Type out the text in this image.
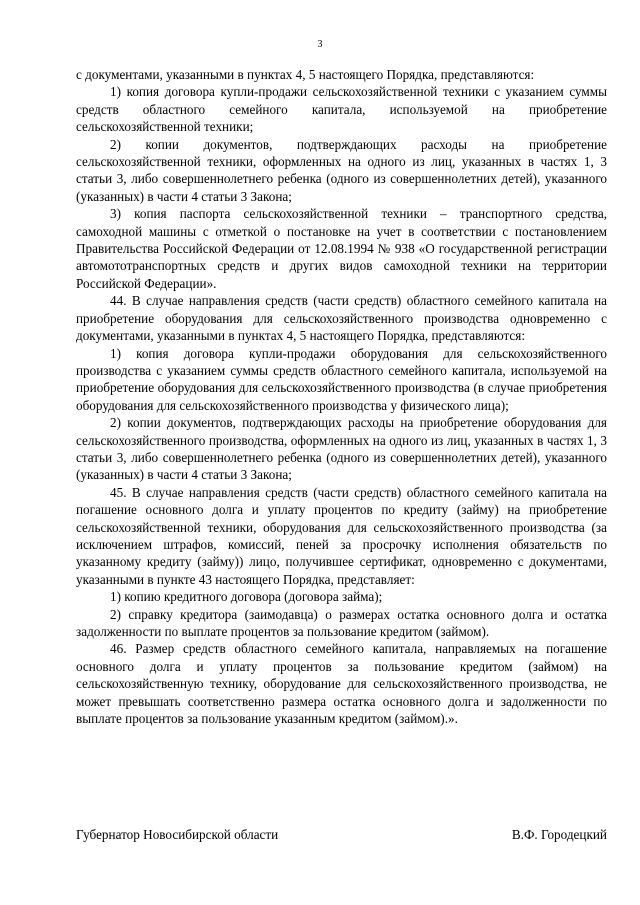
3

с документами, указанными в пунктах 4, 5 настоящего Порядка, представляются:

1) копия договора купли-продажи сельскохозяйственной техники с указанием суммы средств областного семейного капитала, используемой на приобретение сельскохозяйственной техники;

2) копии документов, подтверждающих расходы на приобретение сельскохозяйственной техники, оформленных на одного из лиц, указанных в частях 1, 3 статьи 3, либо совершеннолетнего ребенка (одного из совершеннолетних детей), указанного (указанных) в части 4 статьи 3 Закона;

3) копия паспорта сельскохозяйственной техники – транспортного средства, самоходной машины с отметкой о постановке на учет в соответствии с постановлением Правительства Российской Федерации от 12.08.1994 № 938 «О государственной регистрации автомототранспортных средств и других видов самоходной техники на территории Российской Федерации».

44. В случае направления средств (части средств) областного семейного капитала на приобретение оборудования для сельскохозяйственного производства одновременно с документами, указанными в пунктах 4, 5 настоящего Порядка, представляются:

1) копия договора купли-продажи оборудования для сельскохозяйственного производства с указанием суммы средств областного семейного капитала, используемой на приобретение оборудования для сельскохозяйственного производства (в случае приобретения оборудования для сельскохозяйственного производства у физического лица);

2) копии документов, подтверждающих расходы на приобретение оборудования для сельскохозяйственного производства, оформленных на одного из лиц, указанных в частях 1, 3 статьи 3, либо совершеннолетнего ребенка (одного из совершеннолетних детей), указанного (указанных) в части 4 статьи 3 Закона;

45. В случае направления средств (части средств) областного семейного капитала на погашение основного долга и уплату процентов по кредиту (займу) на приобретение сельскохозяйственной техники, оборудования для сельскохозяйственного производства (за исключением штрафов, комиссий, пеней за просрочку исполнения обязательств по указанному кредиту (займу)) лицо, получившее сертификат, одновременно с документами, указанными в пункте 43 настоящего Порядка, представляет:

1) копию кредитного договора (договора займа);

2) справку кредитора (заимодавца) о размерах остатка основного долга и остатка задолженности по выплате процентов за пользование кредитом (займом).

46. Размер средств областного семейного капитала, направляемых на погашение основного долга и уплату процентов за пользование кредитом (займом) на сельскохозяйственную технику, оборудование для сельскохозяйственного производства, не может превышать соответственно размера остатка основного долга и задолженности по выплате процентов за пользование указанным кредитом (займом).».

Губернатор Новосибирской области	В.Ф. Городецкий
